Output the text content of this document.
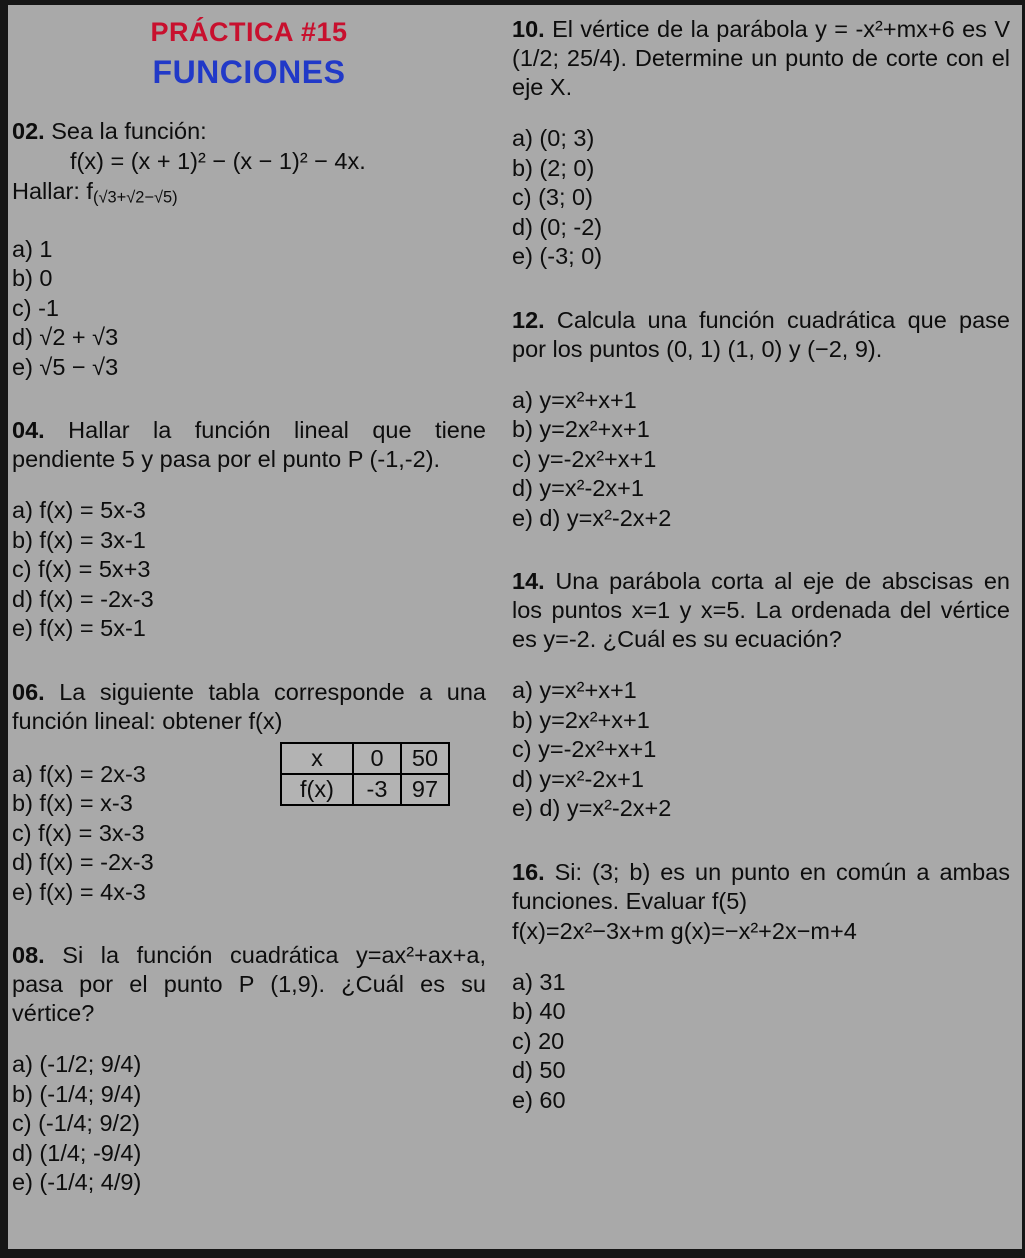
PRÁCTICA #15
FUNCIONES

02. Sea la función:

f(x) = (x + 1)² − (x − 1)² − 4x.

Hallar: $f_{(√3+√2-√5)}$

a) 1
b) 0
c) -1
d) √2 + √3
e) √5 − √3

04. Hallar la función lineal que tiene pendiente 5 y pasa por el punto P (-1,-2).

a) f(x) = 5x-3
b) f(x) = 3x-1
c) f(x) = 5x+3
d) f(x) = -2x-3
e) f(x) = 5x-1

06. La siguiente tabla corresponde a una función lineal: obtener f(x)

a) f(x) = 2x-3
b) f(x) = x-3
c) f(x) = 3x-3
d) f(x) = -2x-3
e) f(x) = 4x-3
x	0	50
f(x)	-3	97

08. Si la función cuadrática y=ax²+ax+a, pasa por el punto P (1,9). ¿Cuál es su vértice?

a) (-1/2; 9/4)
b) (-1/4; 9/4)
c) (-1/4; 9/2)
d) (1/4; -9/4)
e) (-1/4; 4/9)

10. El vértice de la parábola y = -x²+mx+6 es V (1/2; 25/4). Determine un punto de corte con el eje X.

a) (0; 3)
b) (2; 0)
c) (3; 0)
d) (0; -2)
e) (-3; 0)

12. Calcula una función cuadrática que pase por los puntos (0, 1) (1, 0) y (−2, 9).

a) y=x²+x+1
b) y=2x²+x+1
c) y=-2x²+x+1
d) y=x²-2x+1
e) d) y=x²-2x+2

14. Una parábola corta al eje de abscisas en los puntos x=1 y x=5. La ordenada del vértice es y=-2. ¿Cuál es su ecuación?

a) y=x²+x+1
b) y=2x²+x+1
c) y=-2x²+x+1
d) y=x²-2x+1
e) d) y=x²-2x+2

16. Si: (3; b) es un punto en común a ambas funciones. Evaluar f(5)

f(x)=2x²−3x+m g(x)=−x²+2x−m+4

a) 31
b) 40
c) 20
d) 50
e) 60
